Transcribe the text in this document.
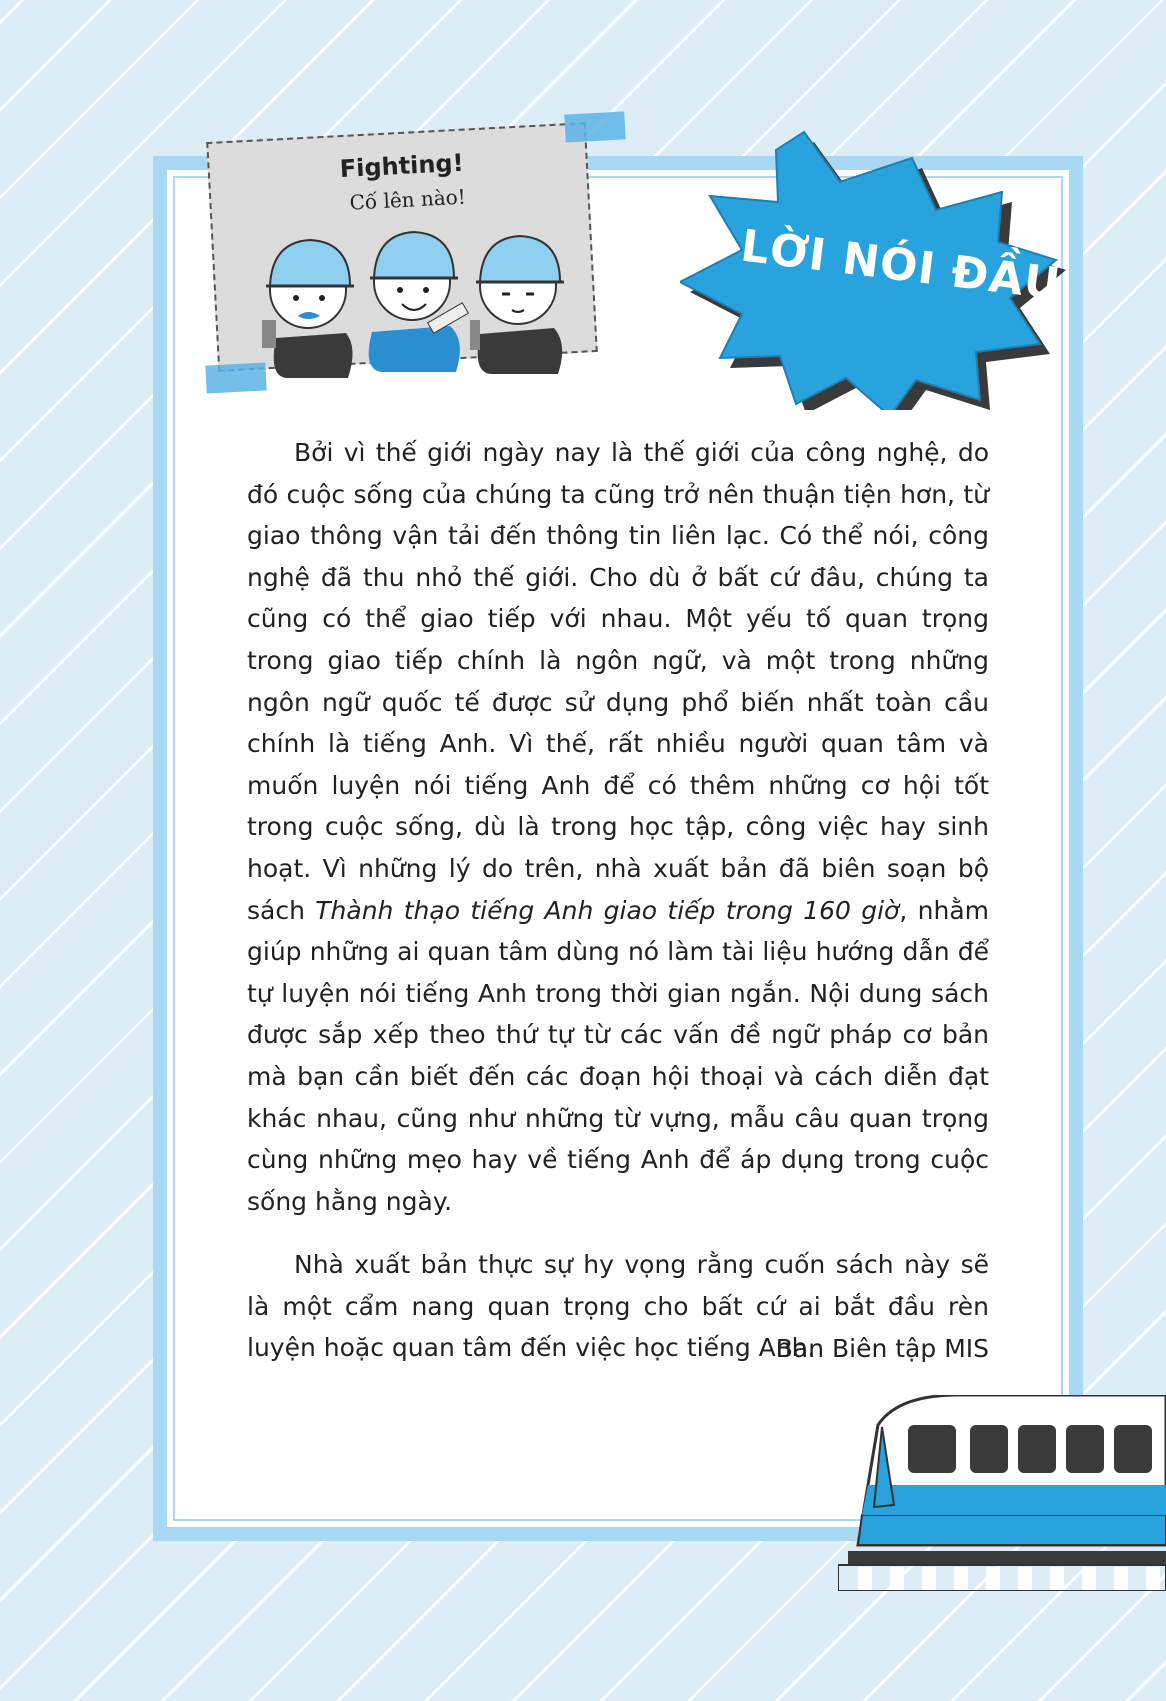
Fighting!
Cố lên nào!
LỜI NÓI ĐẦU

Bởi vì thế giới ngày nay là thế giới của công nghệ, do đó cuộc sống của chúng ta cũng trở nên thuận tiện hơn, từ giao thông vận tải đến thông tin liên lạc. Có thể nói, công nghệ đã thu nhỏ thế giới. Cho dù ở bất cứ đâu, chúng ta cũng có thể giao tiếp với nhau. Một yếu tố quan trọng trong giao tiếp chính là ngôn ngữ, và một trong những ngôn ngữ quốc tế được sử dụng phổ biến nhất toàn cầu chính là tiếng Anh. Vì thế, rất nhiều người quan tâm và muốn luyện nói tiếng Anh để có thêm những cơ hội tốt trong cuộc sống, dù là trong học tập, công việc hay sinh hoạt. Vì những lý do trên, nhà xuất bản đã biên soạn bộ sách Thành thạo tiếng Anh giao tiếp trong 160 giờ, nhằm giúp những ai quan tâm dùng nó làm tài liệu hướng dẫn để tự luyện nói tiếng Anh trong thời gian ngắn. Nội dung sách được sắp xếp theo thứ tự từ các vấn đề ngữ pháp cơ bản mà bạn cần biết đến các đoạn hội thoại và cách diễn đạt khác nhau, cũng như những từ vựng, mẫu câu quan trọng cùng những mẹo hay về tiếng Anh để áp dụng trong cuộc sống hằng ngày.

Nhà xuất bản thực sự hy vọng rằng cuốn sách này sẽ là một cẩm nang quan trọng cho bất cứ ai bắt đầu rèn luyện hoặc quan tâm đến việc học tiếng Anh.

Ban Biên tập MIS
